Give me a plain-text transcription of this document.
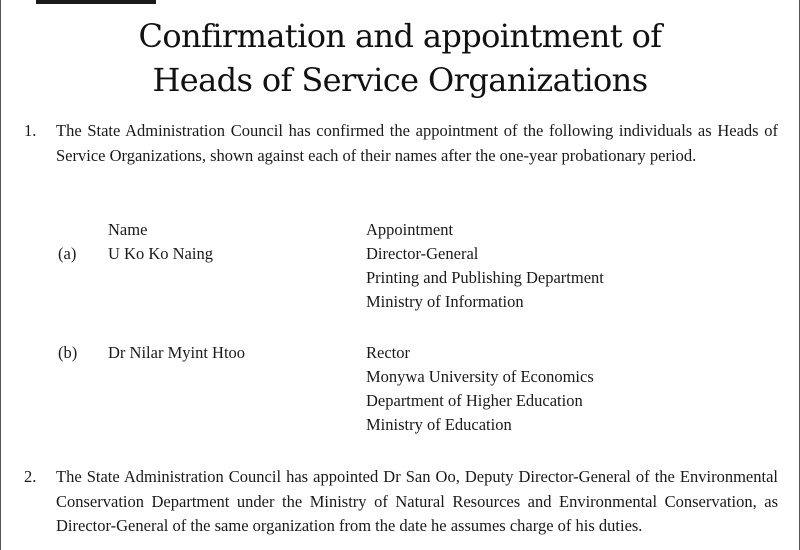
Confirmation and appointment of
Heads of Service Organizations
1. The State Administration Council has confirmed the appointment of the following individuals as Heads of Service Organizations, shown against each of their names after the one-year probationary period.
Name	Appointment
(a) U Ko Ko Naing	Director-General
Printing and Publishing Department
Ministry of Information
(b) Dr Nilar Myint Htoo	Rector
Monywa University of Economics
Department of Higher Education
Ministry of Education
2. The State Administration Council has appointed Dr San Oo, Deputy Director-General of the Environmental Conservation Department under the Ministry of Natural Resources and Environmental Conservation, as Director-General of the same organization from the date he assumes charge of his duties.
